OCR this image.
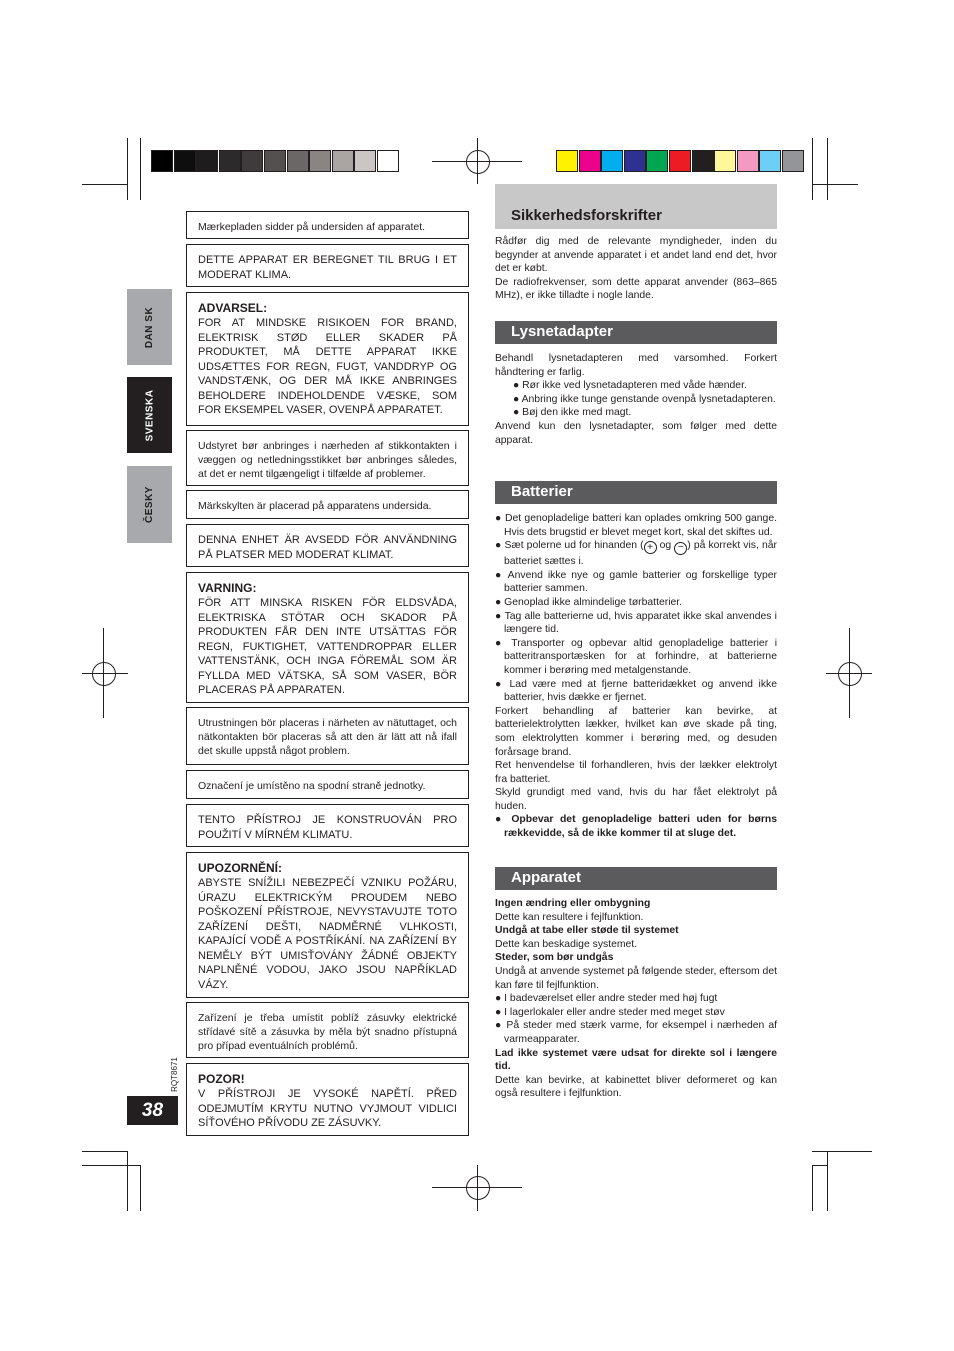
DAN SK
SVENSKA
ČESKY
RQT8671
38
Mærkepladen sidder på undersiden af apparatet.
DETTE APPARAT ER BEREGNET TIL BRUG I ET MODERAT KLIMA.
ADVARSEL:
FOR AT MINDSKE RISIKOEN FOR BRAND, ELEKTRISK STØD ELLER SKADER PÅ PRODUKTET, MÅ DETTE APPARAT IKKE UDSÆTTES FOR REGN, FUGT, VANDDRYP OG VANDSTÆNK, OG DER MÅ IKKE ANBRINGES BEHOLDERE INDEHOLDENDE VÆSKE, SOM FOR EKSEMPEL VASER, OVENPÅ APPARATET.
Udstyret bør anbringes i nærheden af stikkontakten i væggen og netledningsstikket bør anbringes således, at det er nemt tilgængeligt i tilfælde af problemer.
Märkskylten är placerad på apparatens undersida.
DENNA ENHET ÄR AVSEDD FÖR ANVÄNDNING PÅ PLATSER MED MODERAT KLIMAT.
VARNING:
FÖR ATT MINSKA RISKEN FÖR ELDSVÅDA, ELEKTRISKA STÖTAR OCH SKADOR PÅ PRODUKTEN FÅR DEN INTE UTSÄTTAS FÖR REGN, FUKTIGHET, VATTENDROPPAR ELLER VATTENSTÄNK, OCH INGA FÖREMÅL SOM ÄR FYLLDA MED VÄTSKA, SÅ SOM VASER, BÖR PLACERAS PÅ APPARATEN.
Utrustningen bör placeras i närheten av nätuttaget, och nätkontakten bör placeras så att den är lätt att nå ifall det skulle uppstå något problem.
Označení je umístěno na spodní straně jednotky.
TENTO PŘÍSTROJ JE KONSTRUOVÁN PRO POUŽITÍ V MÍRNÉM KLIMATU.
UPOZORNĚNÍ:
ABYSTE SNÍŽILI NEBEZPEČÍ VZNIKU POŽÁRU, ÚRAZU ELEKTRICKÝM PROUDEM NEBO POŠKOZENÍ PŘÍSTROJE, NEVYSTAVUJTE TOTO ZAŘÍZENÍ DEŠTI, NADMĚRNÉ VLHKOSTI, KAPAJÍCÍ VODĚ A POSTŘÍKÁNÍ. NA ZAŘÍZENÍ BY NEMĚLY BÝT UMISŤOVÁNY ŽÁDNÉ OBJEKTY NAPLNĚNÉ VODOU, JAKO JSOU NAPŘÍKLAD VÁZY.
Zařízení je třeba umístit poblíž zásuvky elektrické střídavé sítě a zásuvka by měla být snadno přístupná pro případ eventuálních problémů.
POZOR!
V PŘÍSTROJI JE VYSOKÉ NAPĚTÍ. PŘED ODEJMUTÍM KRYTU NUTNO VYJMOUT VIDLICI SÍŤOVÉHO PŘÍVODU ZE ZÁSUVKY.
Sikkerhedsforskrifter
Rådfør dig med de relevante myndigheder, inden du begynder at anvende apparatet i et andet land end det, hvor det er købt.
De radiofrekvenser, som dette apparat anvender (863–865 MHz), er ikke tilladte i nogle lande.
Lysnetadapter
Behandl lysnetadapteren med varsomhed. Forkert håndtering er farlig.
● Rør ikke ved lysnetadapteren med våde hænder.
● Anbring ikke tunge genstande ovenpå lysnetadapteren.
● Bøj den ikke med magt.
Anvend kun den lysnetadapter, som følger med dette apparat.
Batterier
● Det genopladelige batteri kan oplades omkring 500 gange. Hvis dets brugstid er blevet meget kort, skal det skiftes ud.
● Sæt polerne ud for hinanden ( + og − ) på korrekt vis, når batteriet sættes i.
● Anvend ikke nye og gamle batterier og forskellige typer batterier sammen.
● Genoplad ikke almindelige tørbatterier.
● Tag alle batterierne ud, hvis apparatet ikke skal anvendes i længere tid.
● Transporter og opbevar altid genopladelige batterier i batteritransportæsken for at forhindre, at batterierne kommer i berøring med metalgenstande.
● Lad være med at fjerne batteridækket og anvend ikke batterier, hvis dække er fjernet.
Forkert behandling af batterier kan bevirke, at batterielektrolytten lækker, hvilket kan øve skade på ting, som elektrolytten kommer i berøring med, og desuden forårsage brand.
Ret henvendelse til forhandleren, hvis der lækker elektrolyt fra batteriet.
Skyld grundigt med vand, hvis du har fået elektrolyt på huden.
● Opbevar det genopladelige batteri uden for børns rækkevidde, så de ikke kommer til at sluge det.
Apparatet
Ingen ændring eller ombygning
Dette kan resultere i fejlfunktion.
Undgå at tabe eller støde til systemet
Dette kan beskadige systemet.
Steder, som bør undgås
Undgå at anvende systemet på følgende steder, eftersom det kan føre til fejlfunktion.
● I badeværelset eller andre steder med høj fugt
● I lagerlokaler eller andre steder med meget støv
● På steder med stærk varme, for eksempel i nærheden af varmeapparater.
Lad ikke systemet være udsat for direkte sol i længere tid.
Dette kan bevirke, at kabinettet bliver deformeret og kan også resultere i fejlfunktion.
